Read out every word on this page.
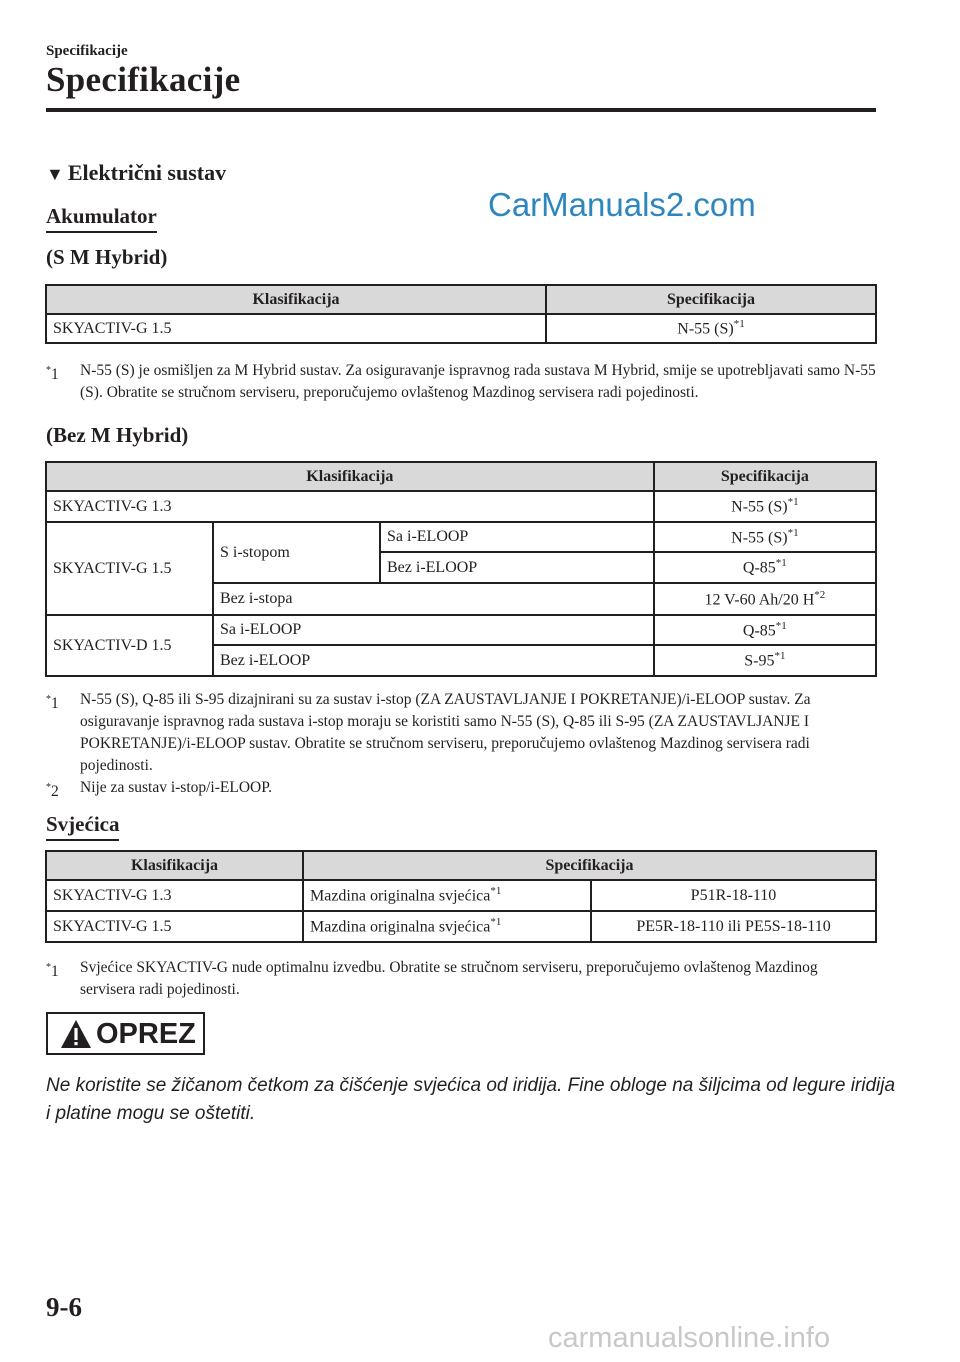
Specifikacije
Specifikacije
▼ Električni sustav
CarManuals2.com
Akumulator
(S M Hybrid)
Klasifikacija	Specifikacija
SKYACTIV-G 1.5	N-55 $(S)^{*1}$
*1	N-55 (S) je osmišljen za M Hybrid sustav. Za osiguravanje ispravnog rada sustava M Hybrid, smije se upotrebljavati samo N-55 (S). Obratite se stručnom serviseru, preporučujemo ovlaštenog Mazdinog servisera radi pojedinosti.
(Bez M Hybrid)
Klasifikacija			Specifikacija
SKYACTIV-G 1.3			N-55 $(S)^{*1}$
SKYACTIV-G 1.5	S i-stopom	Sa i-ELOOP	N-55 $(S)^{*1}$
		Bez i-ELOOP	Q-85$^{*1}$
	Bez i-stopa		12 V-60 Ah/20 $H^{*2}$
SKYACTIV-D 1.5	Sa i-ELOOP		Q-85$^{*1}$
	Bez i-ELOOP		S-95$^{*1}$
*1	N-55 (S), Q-85 ili S-95 dizajnirani su za sustav i-stop (ZA ZAUSTAVLJANJE I POKRETANJE)/i-ELOOP sustav. Za osiguravanje ispravnog rada sustava i-stop moraju se koristiti samo N-55 (S), Q-85 ili S-95 (ZA ZAUSTAVLJANJE I POKRETANJE)/i-ELOOP sustav. Obratite se stručnom serviseru, preporučujemo ovlaštenog Mazdinog servisera radi pojedinosti.
*2	Nije za sustav i-stop/i-ELOOP.
Svjećica
Klasifikacija	Specifikacija	
SKYACTIV-G 1.3	Mazdina originalna svjećica$^{*1}$	P51R-18-110
SKYACTIV-G 1.5	Mazdina originalna svjećica$^{*1}$	PE5R-18-110 ili PE5S-18-110
*1	Svjećice SKYACTIV-G nude optimalnu izvedbu. Obratite se stručnom serviseru, preporučujemo ovlaštenog Mazdinog servisera radi pojedinosti.
OPREZ
Ne koristite se žičanom četkom za čišćenje svjećica od iridija. Fine obloge na šiljcima od legure iridija i platine mogu se oštetiti.
9-6
carmanualsonline.info
